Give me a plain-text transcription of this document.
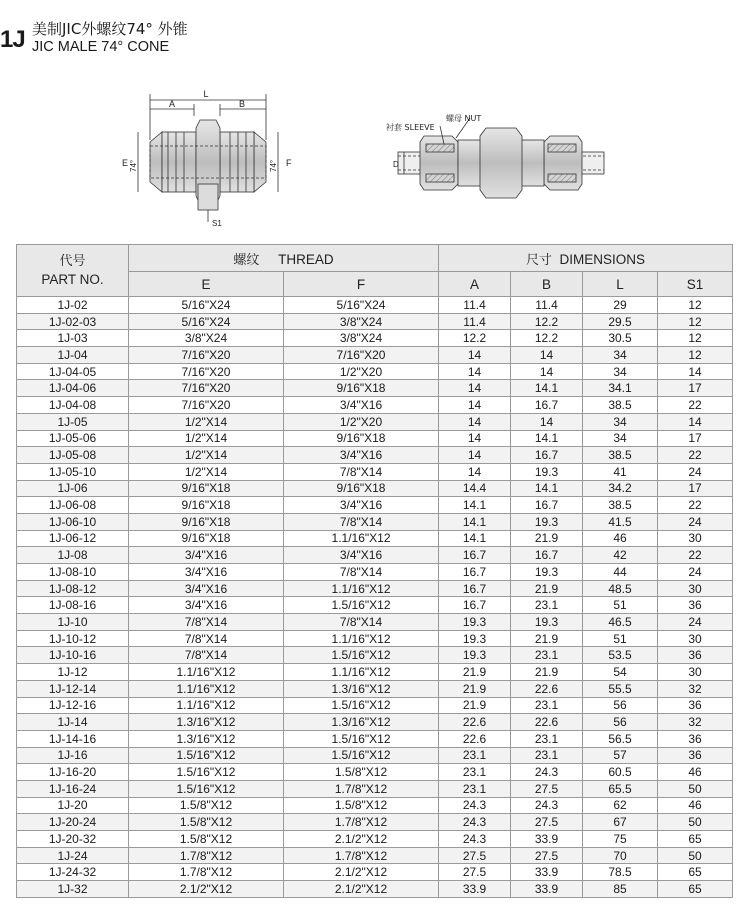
1J 美制JIC外螺纹74° 外锥
JIC MALE 74° CONE
L
A	B
E	F
74°	74°
S1
衬套 SLEEVE
螺母 NUT
D
代号
PART NO.	螺纹 THREAD		尺寸 DIMENSIONS			
	E	F	A	B	L	S1
1J-02	5/16"X24	5/16"X24	11.4	11.4	29	12
1J-02-03	5/16"X24	3/8"X24	11.4	12.2	29.5	12
1J-03	3/8"X24	3/8"X24	12.2	12.2	30.5	12
1J-04	7/16"X20	7/16"X20	14	14	34	12
1J-04-05	7/16"X20	1/2"X20	14	14	34	14
1J-04-06	7/16"X20	9/16"X18	14	14.1	34.1	17
1J-04-08	7/16"X20	3/4"X16	14	16.7	38.5	22
1J-05	1/2"X14	1/2"X20	14	14	34	14
1J-05-06	1/2"X14	9/16"X18	14	14.1	34	17
1J-05-08	1/2"X14	3/4"X16	14	16.7	38.5	22
1J-05-10	1/2"X14	7/8"X14	14	19.3	41	24
1J-06	9/16"X18	9/16"X18	14.4	14.1	34.2	17
1J-06-08	9/16"X18	3/4"X16	14.1	16.7	38.5	22
1J-06-10	9/16"X18	7/8"X14	14.1	19.3	41.5	24
1J-06-12	9/16"X18	1.1/16"X12	14.1	21.9	46	30
1J-08	3/4"X16	3/4"X16	16.7	16.7	42	22
1J-08-10	3/4"X16	7/8"X14	16.7	19.3	44	24
1J-08-12	3/4"X16	1.1/16"X12	16.7	21.9	48.5	30
1J-08-16	3/4"X16	1.5/16"X12	16.7	23.1	51	36
1J-10	7/8"X14	7/8"X14	19.3	19.3	46.5	24
1J-10-12	7/8"X14	1.1/16"X12	19.3	21.9	51	30
1J-10-16	7/8"X14	1.5/16"X12	19.3	23.1	53.5	36
1J-12	1.1/16"X12	1.1/16"X12	21.9	21.9	54	30
1J-12-14	1.1/16"X12	1.3/16"X12	21.9	22.6	55.5	32
1J-12-16	1.1/16"X12	1.5/16"X12	21.9	23.1	56	36
1J-14	1.3/16"X12	1.3/16"X12	22.6	22.6	56	32
1J-14-16	1.3/16"X12	1.5/16"X12	22.6	23.1	56.5	36
1J-16	1.5/16"X12	1.5/16"X12	23.1	23.1	57	36
1J-16-20	1.5/16"X12	1.5/8"X12	23.1	24.3	60.5	46
1J-16-24	1.5/16"X12	1.7/8"X12	23.1	27.5	65.5	50
1J-20	1.5/8"X12	1.5/8"X12	24.3	24.3	62	46
1J-20-24	1.5/8"X12	1.7/8"X12	24.3	27.5	67	50
1J-20-32	1.5/8"X12	2.1/2"X12	24.3	33.9	75	65
1J-24	1.7/8"X12	1.7/8"X12	27.5	27.5	70	50
1J-24-32	1.7/8"X12	2.1/2"X12	27.5	33.9	78.5	65
1J-32	2.1/2"X12	2.1/2"X12	33.9	33.9	85	65
